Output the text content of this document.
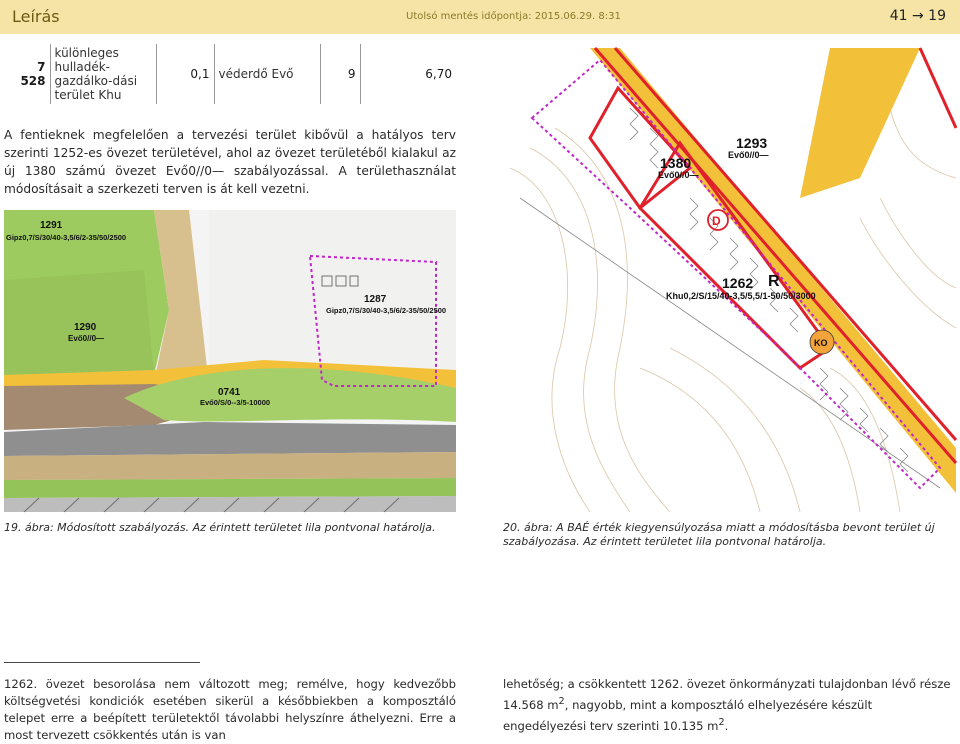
Leírás	Utolsó mentés időpontja: 2015.06.29. 8:31	41 → 19
7 528	különleges hulladék-gazdálko-dási terület Khu	0,1	véderdő Evő	9	6,70

A fentieknek megfelelően a tervezési terület kibővül a hatályos terv szerinti 1252-es övezet területével, ahol az övezet területéből kialakul az új 1380 számú övezet Evő0//0— szabályozással. A területhasználat módosításait a szerkezeti terven is át kell vezetni.

1291
Gipz0,7/S/30/40-3,5/6/2-35/50/2500
1287
Gipz0,7/S/30/40-3,5/6/2-35/50/2500
1290
Evő0//0—
0741
Evő0/S/0--3/5-10000
D
KO
1293
Evő0//0—
1380
Evő0//0—
1262 R
Khu0,2/S/15/40-3,5/5,5/1-50/50/3000

19. ábra: Módosított szabályozás. Az érintett területet lila pontvonal határolja.	20. ábra: A BAÉ érték kiegyensúlyozása miatt a módosításba bevont terület új szabályozása. Az érintett területet lila pontvonal határolja.

1262. övezet besorolása nem változott meg; remélve, hogy kedvezőbb költségvetési kondiciók esetében sikerül a későbbiekben a komposztáló telepet erre a beépített területektől távolabbi helyszínre áthelyezni. Erre a most tervezett csökkentés után is van

lehetőség; a csökkentett 1262. övezet önkormányzati tulajdonban lévő része 14.568 $m^2$, nagyobb, mint a komposztáló elhelyezésére készült engedélyezési terv szerinti 10.135 $m^2$.
